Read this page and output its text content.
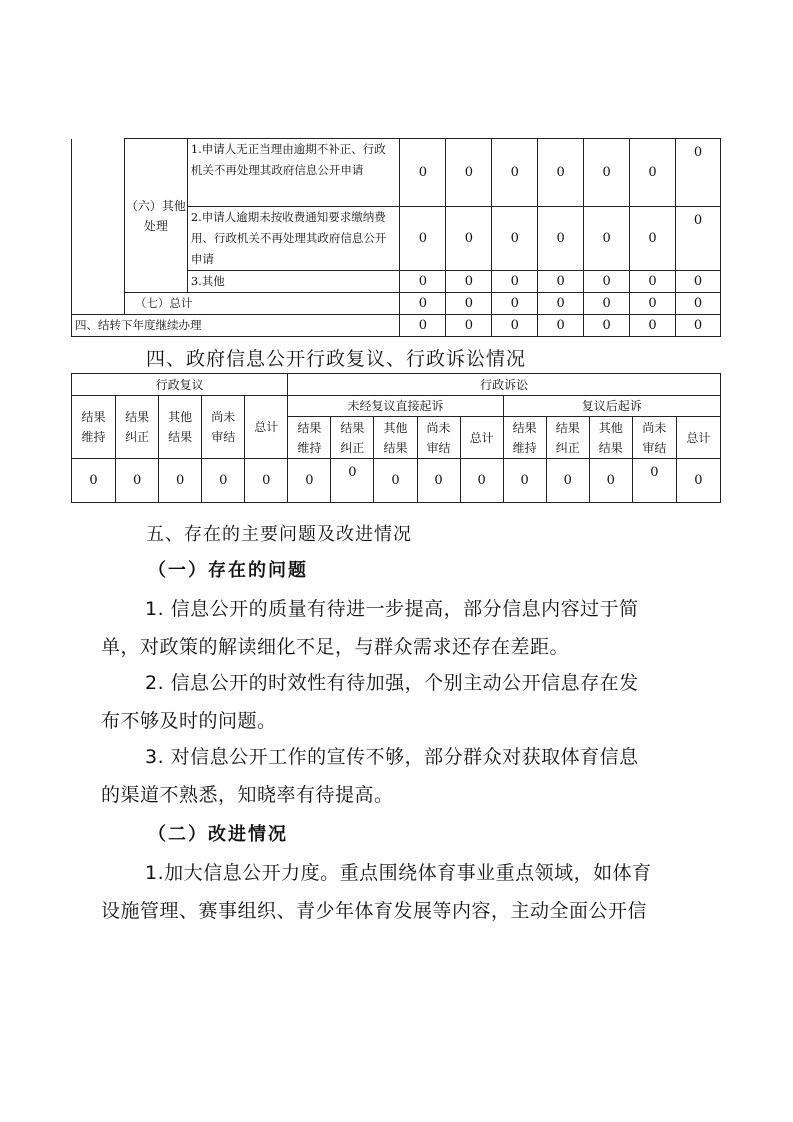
	（六）其他处理	1.申请人无正当理由逾期不补正、行政机关不再处理其政府信息公开申请	0	0	0	0	0	0	0
		2.申请人逾期未按收费通知要求缴纳费用、行政机关不再处理其政府信息公开申请	0	0	0	0	0	0	0
		3.其他	0	0	0	0	0	0	0
	（七）总计		0	0	0	0	0	0	0

四、结转下年度继续办理			0	0	0	0	0	0	0
四、政府信息公开行政复议、行政诉讼情况
行政复议					行政诉讼									
结果维持	结果纠正	其他结果	尚未审结	总计	未经复议直接起诉					复议后起诉				
					结果维持	结果纠正	其他结果	尚未审结	总计	结果维持	结果纠正	其他结果	尚未审结	总计
0	0	0	0	0	0	0	0	0	0	0	0	0	0	0
五、存在的主要问题及改进情况
（一）存在的问题
1. 信息公开的质量有待进一步提高，部分信息内容过于简
单，对政策的解读细化不足，与群众需求还存在差距。
2. 信息公开的时效性有待加强，个别主动公开信息存在发
布不够及时的问题。
3. 对信息公开工作的宣传不够，部分群众对获取体育信息
的渠道不熟悉，知晓率有待提高。
（二）改进情况
1.加大信息公开力度。重点围绕体育事业重点领域，如体育
设施管理、赛事组织、青少年体育发展等内容，主动全面公开信
